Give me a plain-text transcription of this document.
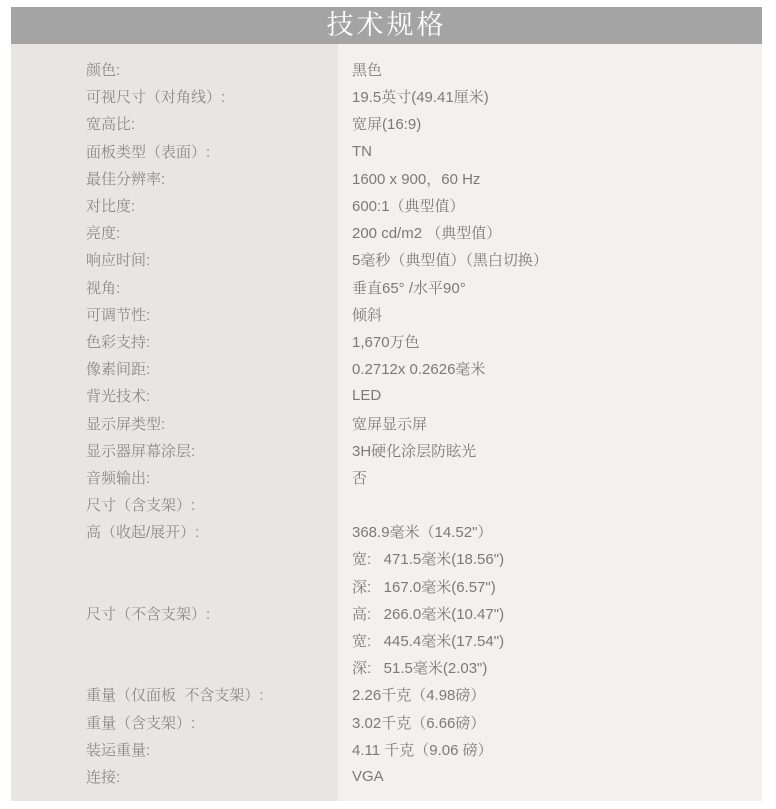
技术规格
颜色:	黑色
可视尺寸（对角线）:	19.5英寸(49.41厘米)
宽高比:	宽屏(16:9)
面板类型（表面）:	TN
最佳分辨率:	1600 x 900，60 Hz
对比度:	600:1（典型值）
亮度:	200 cd/m2 （典型值）
响应时间:	5毫秒（典型值）（黑白切换）
视角:	垂直65° /水平90°
可调节性:	倾斜
色彩支持:	1,670万色
像素间距:	0.2712x 0.2626毫米
背光技术:	LED
显示屏类型:	宽屏显示屏
显示器屏幕涂层:	3H硬化涂层防眩光
音频输出:	否
尺寸（含支架）:
高（收起/展开）:	368.9毫米（14.52"）
宽:   471.5毫米(18.56")
深:   167.0毫米(6.57")
尺寸（不含支架）:	高:   266.0毫米(10.47")
宽:   445.4毫米(17.54")
深:   51.5毫米(2.03")
重量（仅面板  不含支架）:	2.26千克（4.98磅）
重量（含支架）:	3.02千克（6.66磅）
装运重量:	4.11 千克（9.06 磅）
连接:	VGA
